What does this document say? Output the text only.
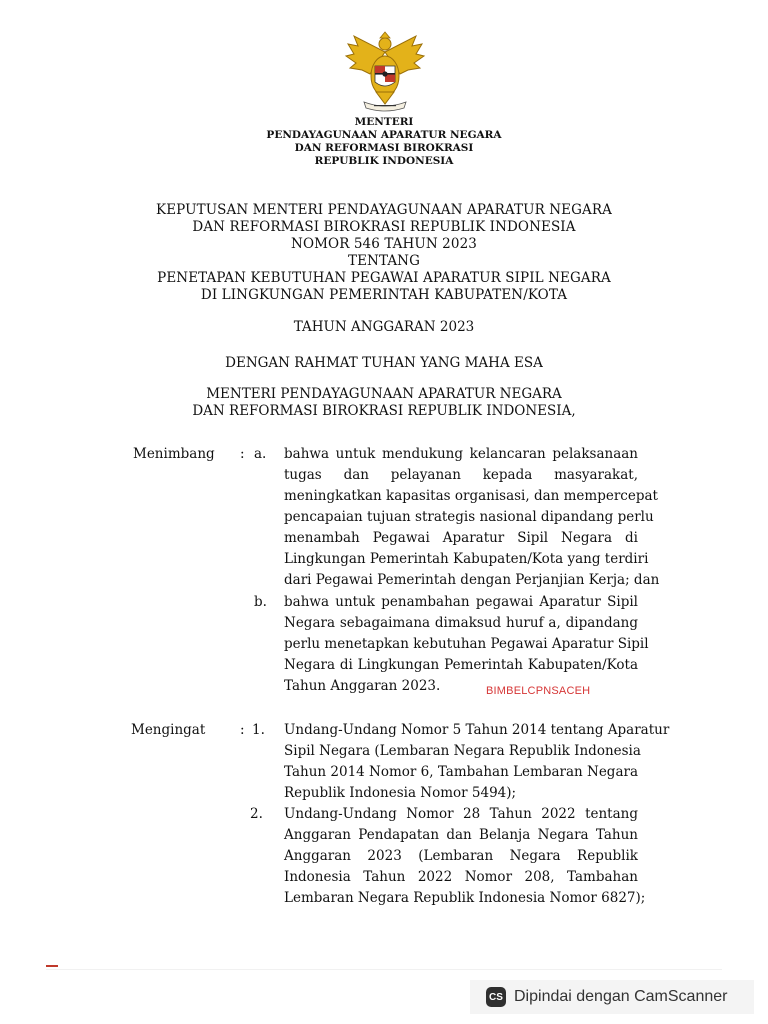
MENTERI
PENDAYAGUNAAN APARATUR NEGARA
DAN REFORMASI BIROKRASI
REPUBLIK INDONESIA
KEPUTUSAN MENTERI PENDAYAGUNAAN APARATUR NEGARA
DAN REFORMASI BIROKRASI REPUBLIK INDONESIA
NOMOR 546 TAHUN 2023
TENTANG
PENETAPAN KEBUTUHAN PEGAWAI APARATUR SIPIL NEGARA
DI LINGKUNGAN PEMERINTAH KABUPATEN/KOTA
TAHUN ANGGARAN 2023
DENGAN RAHMAT TUHAN YANG MAHA ESA
MENTERI PENDAYAGUNAAN APARATUR NEGARA
DAN REFORMASI BIROKRASI REPUBLIK INDONESIA,
Menimbang : a. bahwa untuk mendukung kelancaran pelaksanaan
tugas dan pelayanan kepada masyarakat,
meningkatkan kapasitas organisasi, dan mempercepat
pencapaian tujuan strategis nasional dipandang perlu
menambah Pegawai Aparatur Sipil Negara di
Lingkungan Pemerintah Kabupaten/Kota yang terdiri
dari Pegawai Pemerintah dengan Perjanjian Kerja; dan
b. bahwa untuk penambahan pegawai Aparatur Sipil
Negara sebagaimana dimaksud huruf a, dipandang
perlu menetapkan kebutuhan Pegawai Aparatur Sipil
Negara di Lingkungan Pemerintah Kabupaten/Kota
Tahun Anggaran 2023.	BIMBELCPNSACEH
Mengingat	: 1. Undang-Undang Nomor 5 Tahun 2014 tentang Aparatur
Sipil Negara (Lembaran Negara Republik Indonesia
Tahun 2014 Nomor 6, Tambahan Lembaran Negara
Republik Indonesia Nomor 5494);
2. Undang-Undang Nomor 28 Tahun 2022 tentang
Anggaran Pendapatan dan Belanja Negara Tahun
Anggaran 2023 (Lembaran Negara Republik
Indonesia Tahun 2022 Nomor 208, Tambahan
Lembaran Negara Republik Indonesia Nomor 6827);
CS Dipindai dengan CamScanner
